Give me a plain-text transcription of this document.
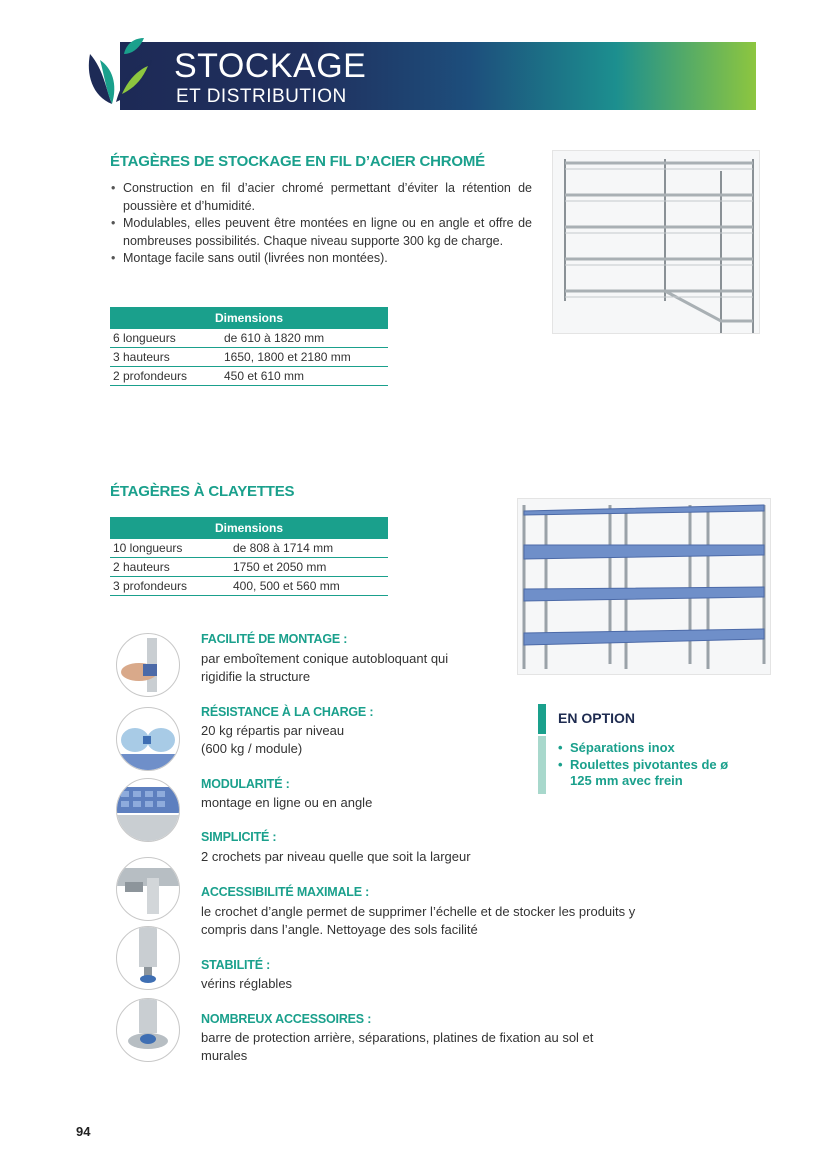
STOCKAGE
ET DISTRIBUTION
ÉTAGÈRES DE STOCKAGE EN FIL D’ACIER CHROMÉ
• Construction en fil d’acier chromé permettant d’éviter la rétention de poussière et d’humidité.
• Modulables, elles peuvent être montées en ligne ou en angle et offre de nombreuses possibilités. Chaque niveau supporte 300 kg de charge.
• Montage facile sans outil (livrées non montées).
Dimensions	
6 longueurs	de 610 à 1820 mm
3 hauteurs	1650, 1800 et 2180 mm
2 profondeurs	450 et 610 mm
ÉTAGÈRES À CLAYETTES
Dimensions	
10 longueurs	de 808 à 1714 mm
2 hauteurs	1750 et 2050 mm
3 profondeurs	400, 500 et 560 mm
EN OPTION
• Séparations inox
• Roulettes pivotantes de ø 125 mm avec frein
FACILITÉ DE MONTAGE :
par emboîtement conique autobloquant qui rigidifie la structure
RÉSISTANCE À LA CHARGE :
20 kg répartis par niveau (600 kg / module)
MODULARITÉ :
montage en ligne ou en angle
SIMPLICITÉ :
2 crochets par niveau quelle que soit la largeur
ACCESSIBILITÉ MAXIMALE :
le crochet d’angle permet de supprimer l’échelle et de stocker les produits y compris dans l’angle. Nettoyage des sols facilité
STABILITÉ :
vérins réglables
NOMBREUX ACCESSOIRES :
barre de protection arrière, séparations, platines de fixation au sol et murales
94
